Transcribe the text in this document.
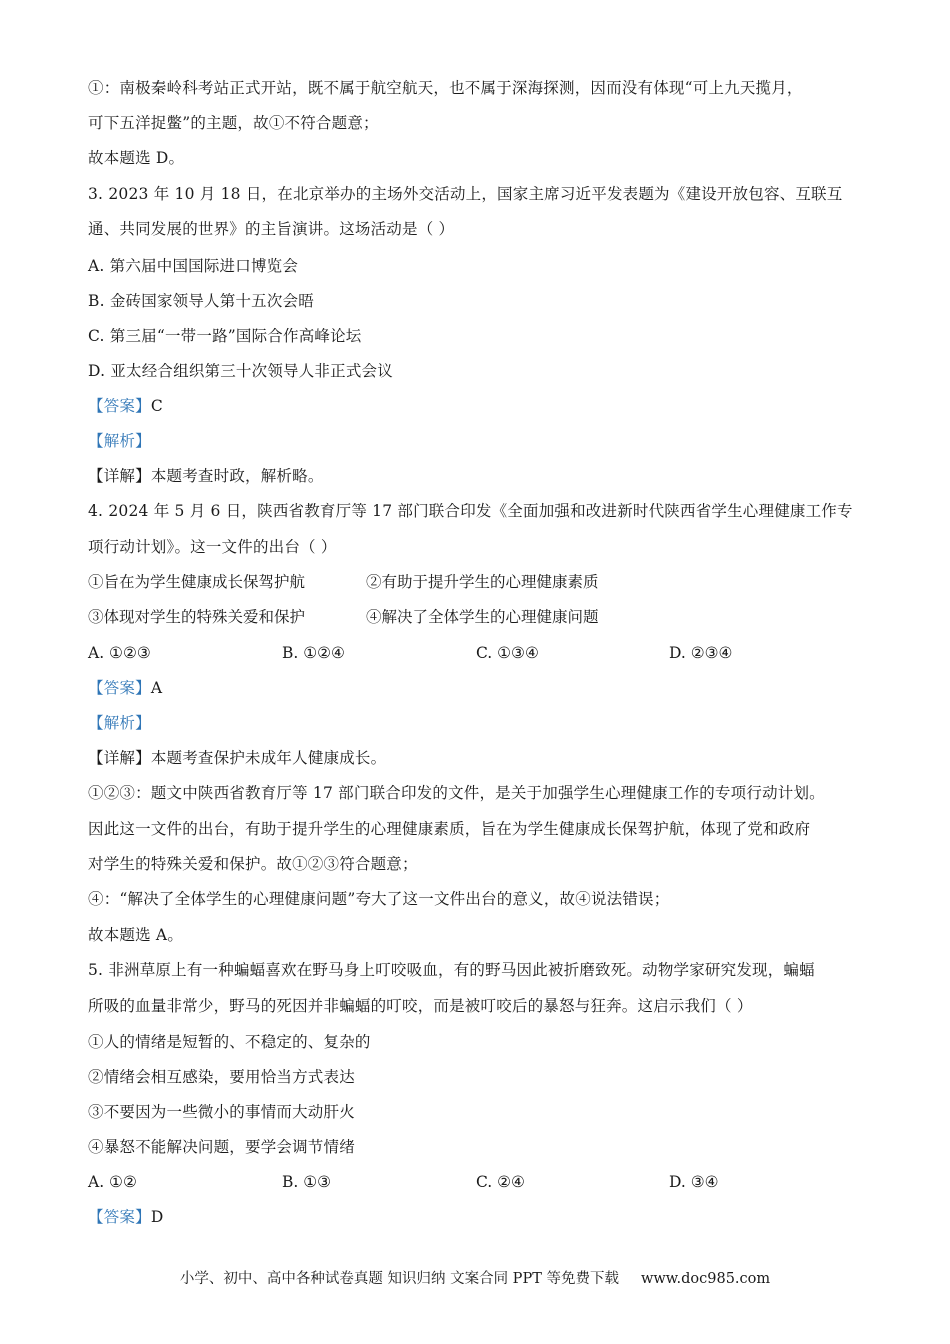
①：南极秦岭科考站正式开站，既不属于航空航天，也不属于深海探测，因而没有体现“可上九天揽月，
可下五洋捉鳖”的主题，故①不符合题意；
故本题选 D。
3. 2023 年 10 月 18 日，在北京举办的主场外交活动上，国家主席习近平发表题为《建设开放包容、互联互
通、共同发展的世界》的主旨演讲。这场活动是（ ）
A. 第六届中国国际进口博览会
B. 金砖国家领导人第十五次会晤
C. 第三届“一带一路”国际合作高峰论坛
D. 亚太经合组织第三十次领导人非正式会议
【答案】C
【解析】
【详解】本题考查时政，解析略。
4. 2024 年 5 月 6 日，陕西省教育厅等 17 部门联合印发《全面加强和改进新时代陕西省学生心理健康工作专
项行动计划》。这一文件的出台（ ）
①旨在为学生健康成长保驾护航	②有助于提升学生的心理健康素质
③体现对学生的特殊关爱和保护	④解决了全体学生的心理健康问题
A. ①②③	B. ①②④	C. ①③④	D. ②③④
【答案】A
【解析】
【详解】本题考查保护未成年人健康成长。
①②③：题文中陕西省教育厅等 17 部门联合印发的文件，是关于加强学生心理健康工作的专项行动计划。
因此这一文件的出台，有助于提升学生的心理健康素质，旨在为学生健康成长保驾护航，体现了党和政府
对学生的特殊关爱和保护。故①②③符合题意；
④：“解决了全体学生的心理健康问题”夸大了这一文件出台的意义，故④说法错误；
故本题选 A。
5. 非洲草原上有一种蝙蝠喜欢在野马身上叮咬吸血，有的野马因此被折磨致死。动物学家研究发现，蝙蝠
所吸的血量非常少，野马的死因并非蝙蝠的叮咬，而是被叮咬后的暴怒与狂奔。这启示我们（ ）
①人的情绪是短暂的、不稳定的、复杂的
②情绪会相互感染，要用恰当方式表达
③不要因为一些微小的事情而大动肝火
④暴怒不能解决问题，要学会调节情绪
A. ①②	B. ①③	C. ②④	D. ③④
【答案】D
小学、初中、高中各种试卷真题 知识归纳 文案合同 PPT 等免费下载 www.doc985.com
